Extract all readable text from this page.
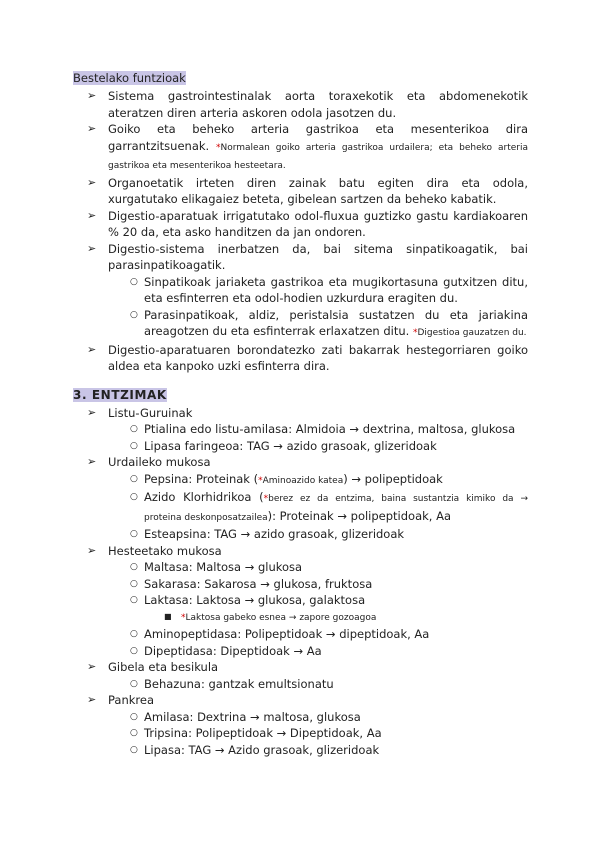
Bestelako funtzioak
➢ Sistema gastrointestinalak aorta toraxekotik eta abdomenekotik ateratzen diren arteria askoren odola jasotzen du.
➢ Goiko eta beheko arteria gastrikoa eta mesenterikoa dira garrantzitsuenak. *Normalean goiko arteria gastrikoa urdailera; eta beheko arteria gastrikoa eta mesenterikoa hesteetara.
➢ Organoetatik irteten diren zainak batu egiten dira eta odola, xurgatutako elikagaiez beteta, gibelean sartzen da beheko kabatik.
➢ Digestio-aparatuak irrigatutako odol-fluxua guztizko gastu kardiakoaren % 20 da, eta asko handitzen da jan ondoren.
➢ Digestio-sistema inerbatzen da, bai sitema sinpatikoagatik, bai parasinpatikoagatik.
○ Sinpatikoak jariaketa gastrikoa eta mugikortasuna gutxitzen ditu, eta esfinterren eta odol-hodien uzkurdura eragiten du.
○ Parasinpatikoak, aldiz, peristalsia sustatzen du eta jariakina areagotzen du eta esfinterrak erlaxatzen ditu. *Digestioa gauzatzen du.
➢ Digestio-aparatuaren borondatezko zati bakarrak hestegorriaren goiko aldea eta kanpoko uzki esfinterra dira.
3. ENTZIMAK
➢ Listu-Guruinak
○ Ptialina edo listu-amilasa: Almidoia → dextrina, maltosa, glukosa
○ Lipasa faringeoa: TAG → azido grasoak, glizeridoak
➢ Urdaileko mukosa
○ Pepsina: Proteinak (*Aminoazido katea) → polipeptidoak
○ Azido Klorhidrikoa (*berez ez da entzima, baina sustantzia kimiko da → proteina deskonposatzailea): Proteinak → polipeptidoak, Aa
○ Esteapsina: TAG → azido grasoak, glizeridoak
➢ Hesteetako mukosa
○ Maltasa: Maltosa → glukosa
○ Sakarasa: Sakarosa → glukosa, fruktosa
○ Laktasa: Laktosa → glukosa, galaktosa
■ *Laktosa gabeko esnea → zapore gozoagoa
○ Aminopeptidasa: Polipeptidoak → dipeptidoak, Aa
○ Dipeptidasa: Dipeptidoak → Aa
➢ Gibela eta besikula
○ Behazuna: gantzak emultsionatu
➢ Pankrea
○ Amilasa: Dextrina → maltosa, glukosa
○ Tripsina: Polipeptidoak → Dipeptidoak, Aa
○ Lipasa: TAG → Azido grasoak, glizeridoak
